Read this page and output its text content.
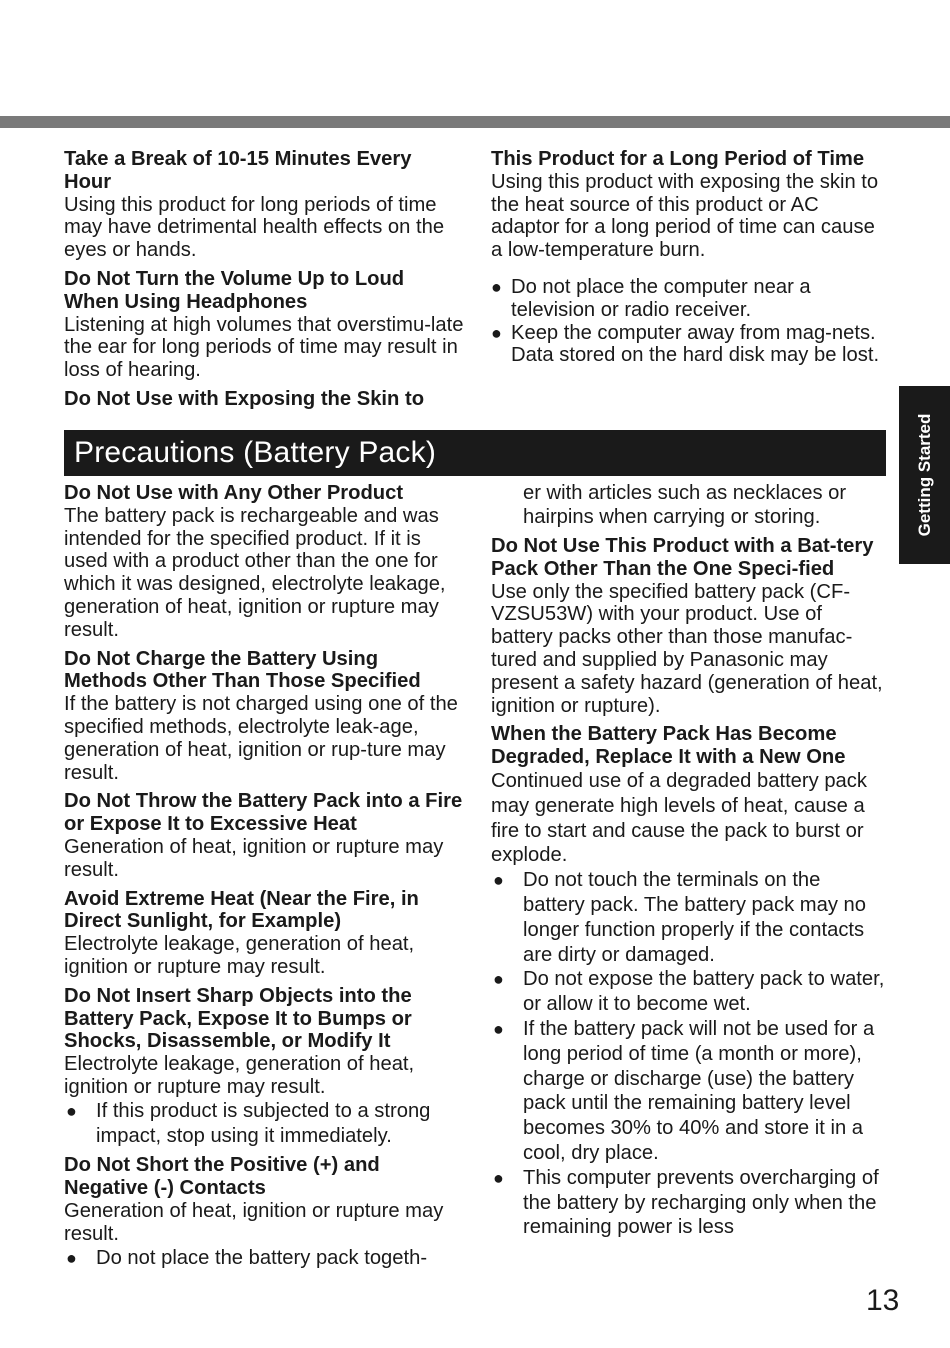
Take a Break of 10-15 Minutes Every Hour
Using this product for long periods of time may have detrimental health effects on the eyes or hands.
Do Not Turn the Volume Up to Loud When Using Headphones
Listening at high volumes that overstimu-late the ear for long periods of time may result in loss of hearing.
Do Not Use with Exposing the Skin to
This Product for a Long Period of Time
Using this product with exposing the skin to the heat source of this product or AC adaptor for a long period of time can cause a low-temperature burn.
● Do not place the computer near a television or radio receiver.
● Keep the computer away from mag-nets. Data stored on the hard disk may be lost.
Precautions (Battery Pack)	Getting Started
Do Not Use with Any Other Product
The battery pack is rechargeable and was intended for the specified product. If it is used with a product other than the one for which it was designed, electrolyte leakage, generation of heat, ignition or rupture may result.
Do Not Charge the Battery Using Methods Other Than Those Specified
If the battery is not charged using one of the specified methods, electrolyte leak-age, generation of heat, ignition or rup-ture may result.
Do Not Throw the Battery Pack into a Fire or Expose It to Excessive Heat
Generation of heat, ignition or rupture may result.
Avoid Extreme Heat (Near the Fire, in Direct Sunlight, for Example)
Electrolyte leakage, generation of heat, ignition or rupture may result.
Do Not Insert Sharp Objects into the Battery Pack, Expose It to Bumps or Shocks, Disassemble, or Modify It
Electrolyte leakage, generation of heat, ignition or rupture may result.
● If this product is subjected to a strong impact, stop using it immediately.
Do Not Short the Positive (+) and Negative (-) Contacts
Generation of heat, ignition or rupture may result.
● Do not place the battery pack togeth-
er with articles such as necklaces or hairpins when carrying or storing.
Do Not Use This Product with a Bat-tery Pack Other Than the One Speci-fied
Use only the specified battery pack (CF-VZSU53W) with your product. Use of battery packs other than those manufac-tured and supplied by Panasonic may present a safety hazard (generation of heat, ignition or rupture).
When the Battery Pack Has Become Degraded, Replace It with a New One
Continued use of a degraded battery pack may generate high levels of heat, cause a fire to start and cause the pack to burst or explode.
● Do not touch the terminals on the battery pack. The battery pack may no longer function properly if the contacts are dirty or damaged.
● Do not expose the battery pack to water, or allow it to become wet.
● If the battery pack will not be used for a long period of time (a month or more), charge or discharge (use) the battery pack until the remaining battery level becomes 30% to 40% and store it in a cool, dry place.
● This computer prevents overcharging of the battery by recharging only when the remaining power is less
13
